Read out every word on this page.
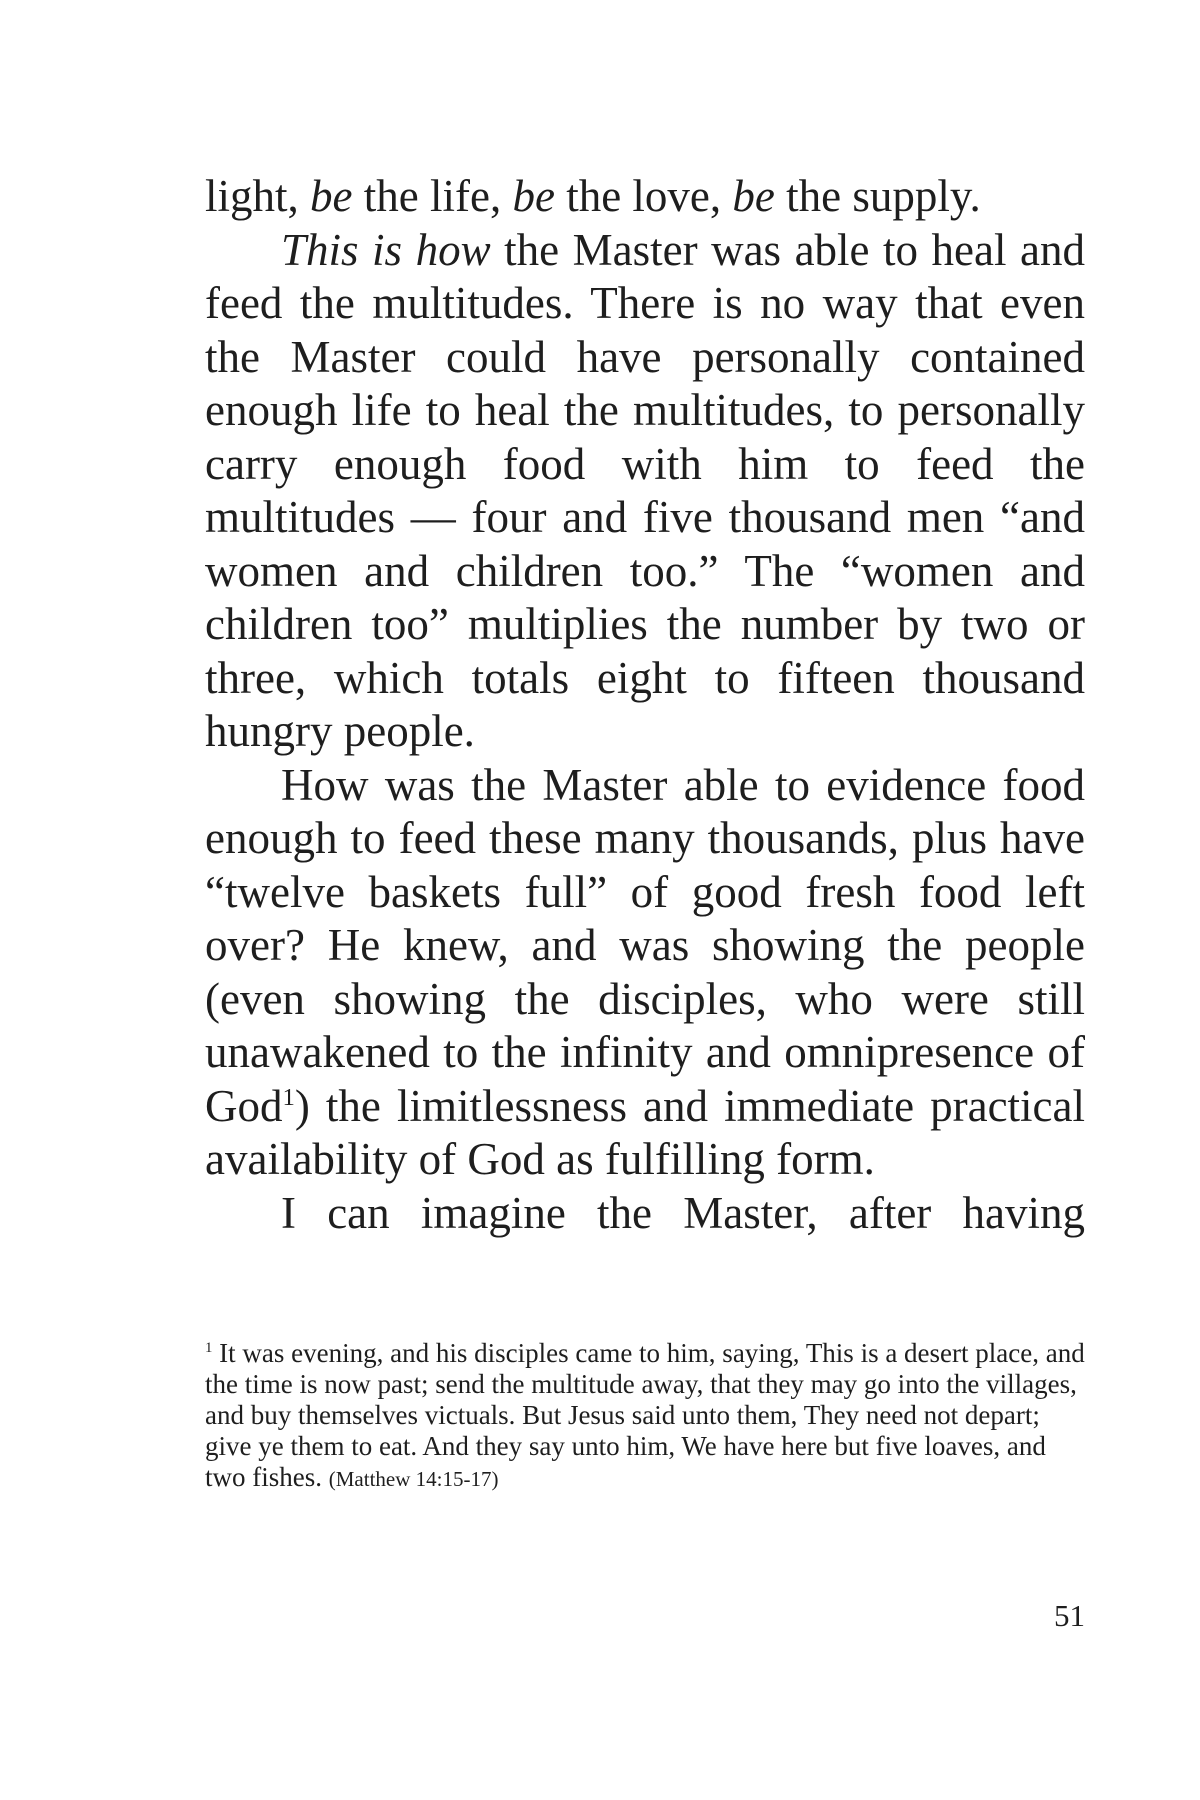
light, be the life, be the love, be the supply.

This is how the Master was able to heal and feed the multitudes. There is no way that even the Master could have personally contained enough life to heal the multitudes, to personally carry enough food with him to feed the multitudes — four and five thousand men “and women and children too.” The “women and children too” multiplies the number by two or three, which totals eight to fifteen thousand hungry people.

How was the Master able to evidence food enough to feed these many thousands, plus have “twelve baskets full” of good fresh food left over? He knew, and was showing the people (even showing the disciples, who were still unawakened to the infinity and omnipresence of God$^1$) the limitlessness and immediate practical availability of God as fulfilling form.

I can imagine the Master, after having

$^1$ It was evening, and his disciples came to him, saying, This is a desert place, and the time is now past; send the multitude away, that they may go into the villages, and buy themselves victuals. But Jesus said unto them, They need not depart; give ye them to eat. And they say unto him, We have here but five loaves, and two fishes. (Matthew 14:15-17)

51
